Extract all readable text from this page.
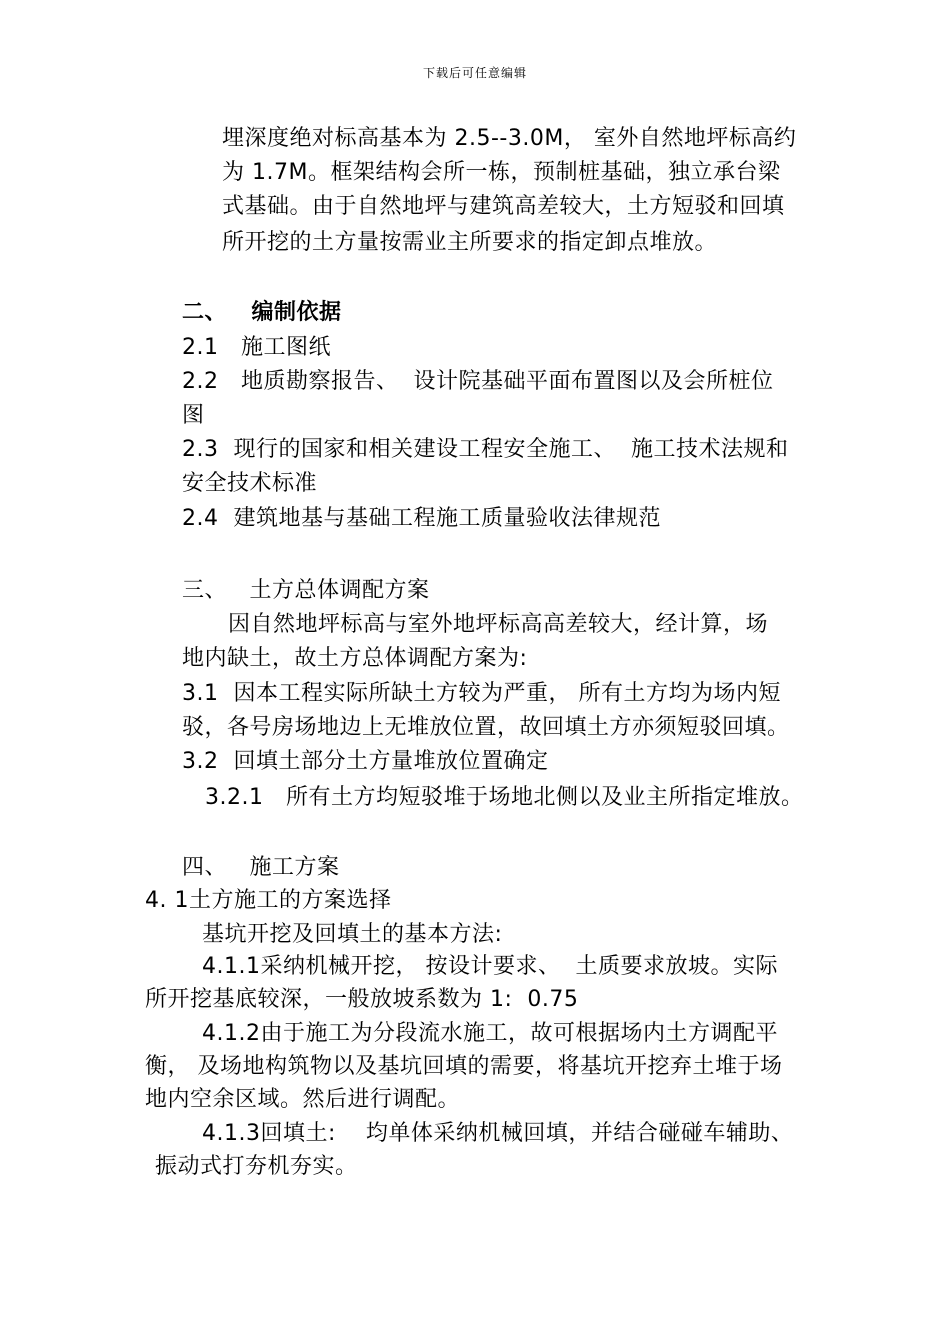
下载后可任意编辑
埋深度绝对标高基本为 2.5--3.0M， 室外自然地坪标高约
为 1.7M。框架结构会所一栋，预制桩基础，独立承台梁
式基础。由于自然地坪与建筑高差较大，土方短驳和回填
所开挖的土方量按需业主所要求的指定卸点堆放。
二、   编制依据
2.1   施工图纸
2.2   地质勘察报告、  设计院基础平面布置图以及会所桩位
图
2.3  现行的国家和相关建设工程安全施工、  施工技术法规和
安全技术标准
2.4  建筑地基与基础工程施工质量验收法律规范
三、   土方总体调配方案
因自然地坪标高与室外地坪标高高差较大，经计算，场
地内缺土，故土方总体调配方案为:
3.1  因本工程实际所缺土方较为严重， 所有土方均为场内短
驳，各号房场地边上无堆放位置，故回填土方亦须短驳回填。
3.2  回填土部分土方量堆放位置确定
3.2.1   所有土方均短驳堆于场地北侧以及业主所指定堆放。
四、   施工方案
4. 1土方施工的方案选择
基坑开挖及回填土的基本方法:
4.1.1采纳机械开挖， 按设计要求、  土质要求放坡。实际
所开挖基底较深，一般放坡系数为 1:  0.75
4.1.2由于施工为分段流水施工，故可根据场内土方调配平
衡， 及场地构筑物以及基坑回填的需要，将基坑开挖弃土堆于场
地内空余区域。然后进行调配。
4.1.3回填土:    均单体采纳机械回填，并结合碰碰车辅助、
振动式打夯机夯实。
